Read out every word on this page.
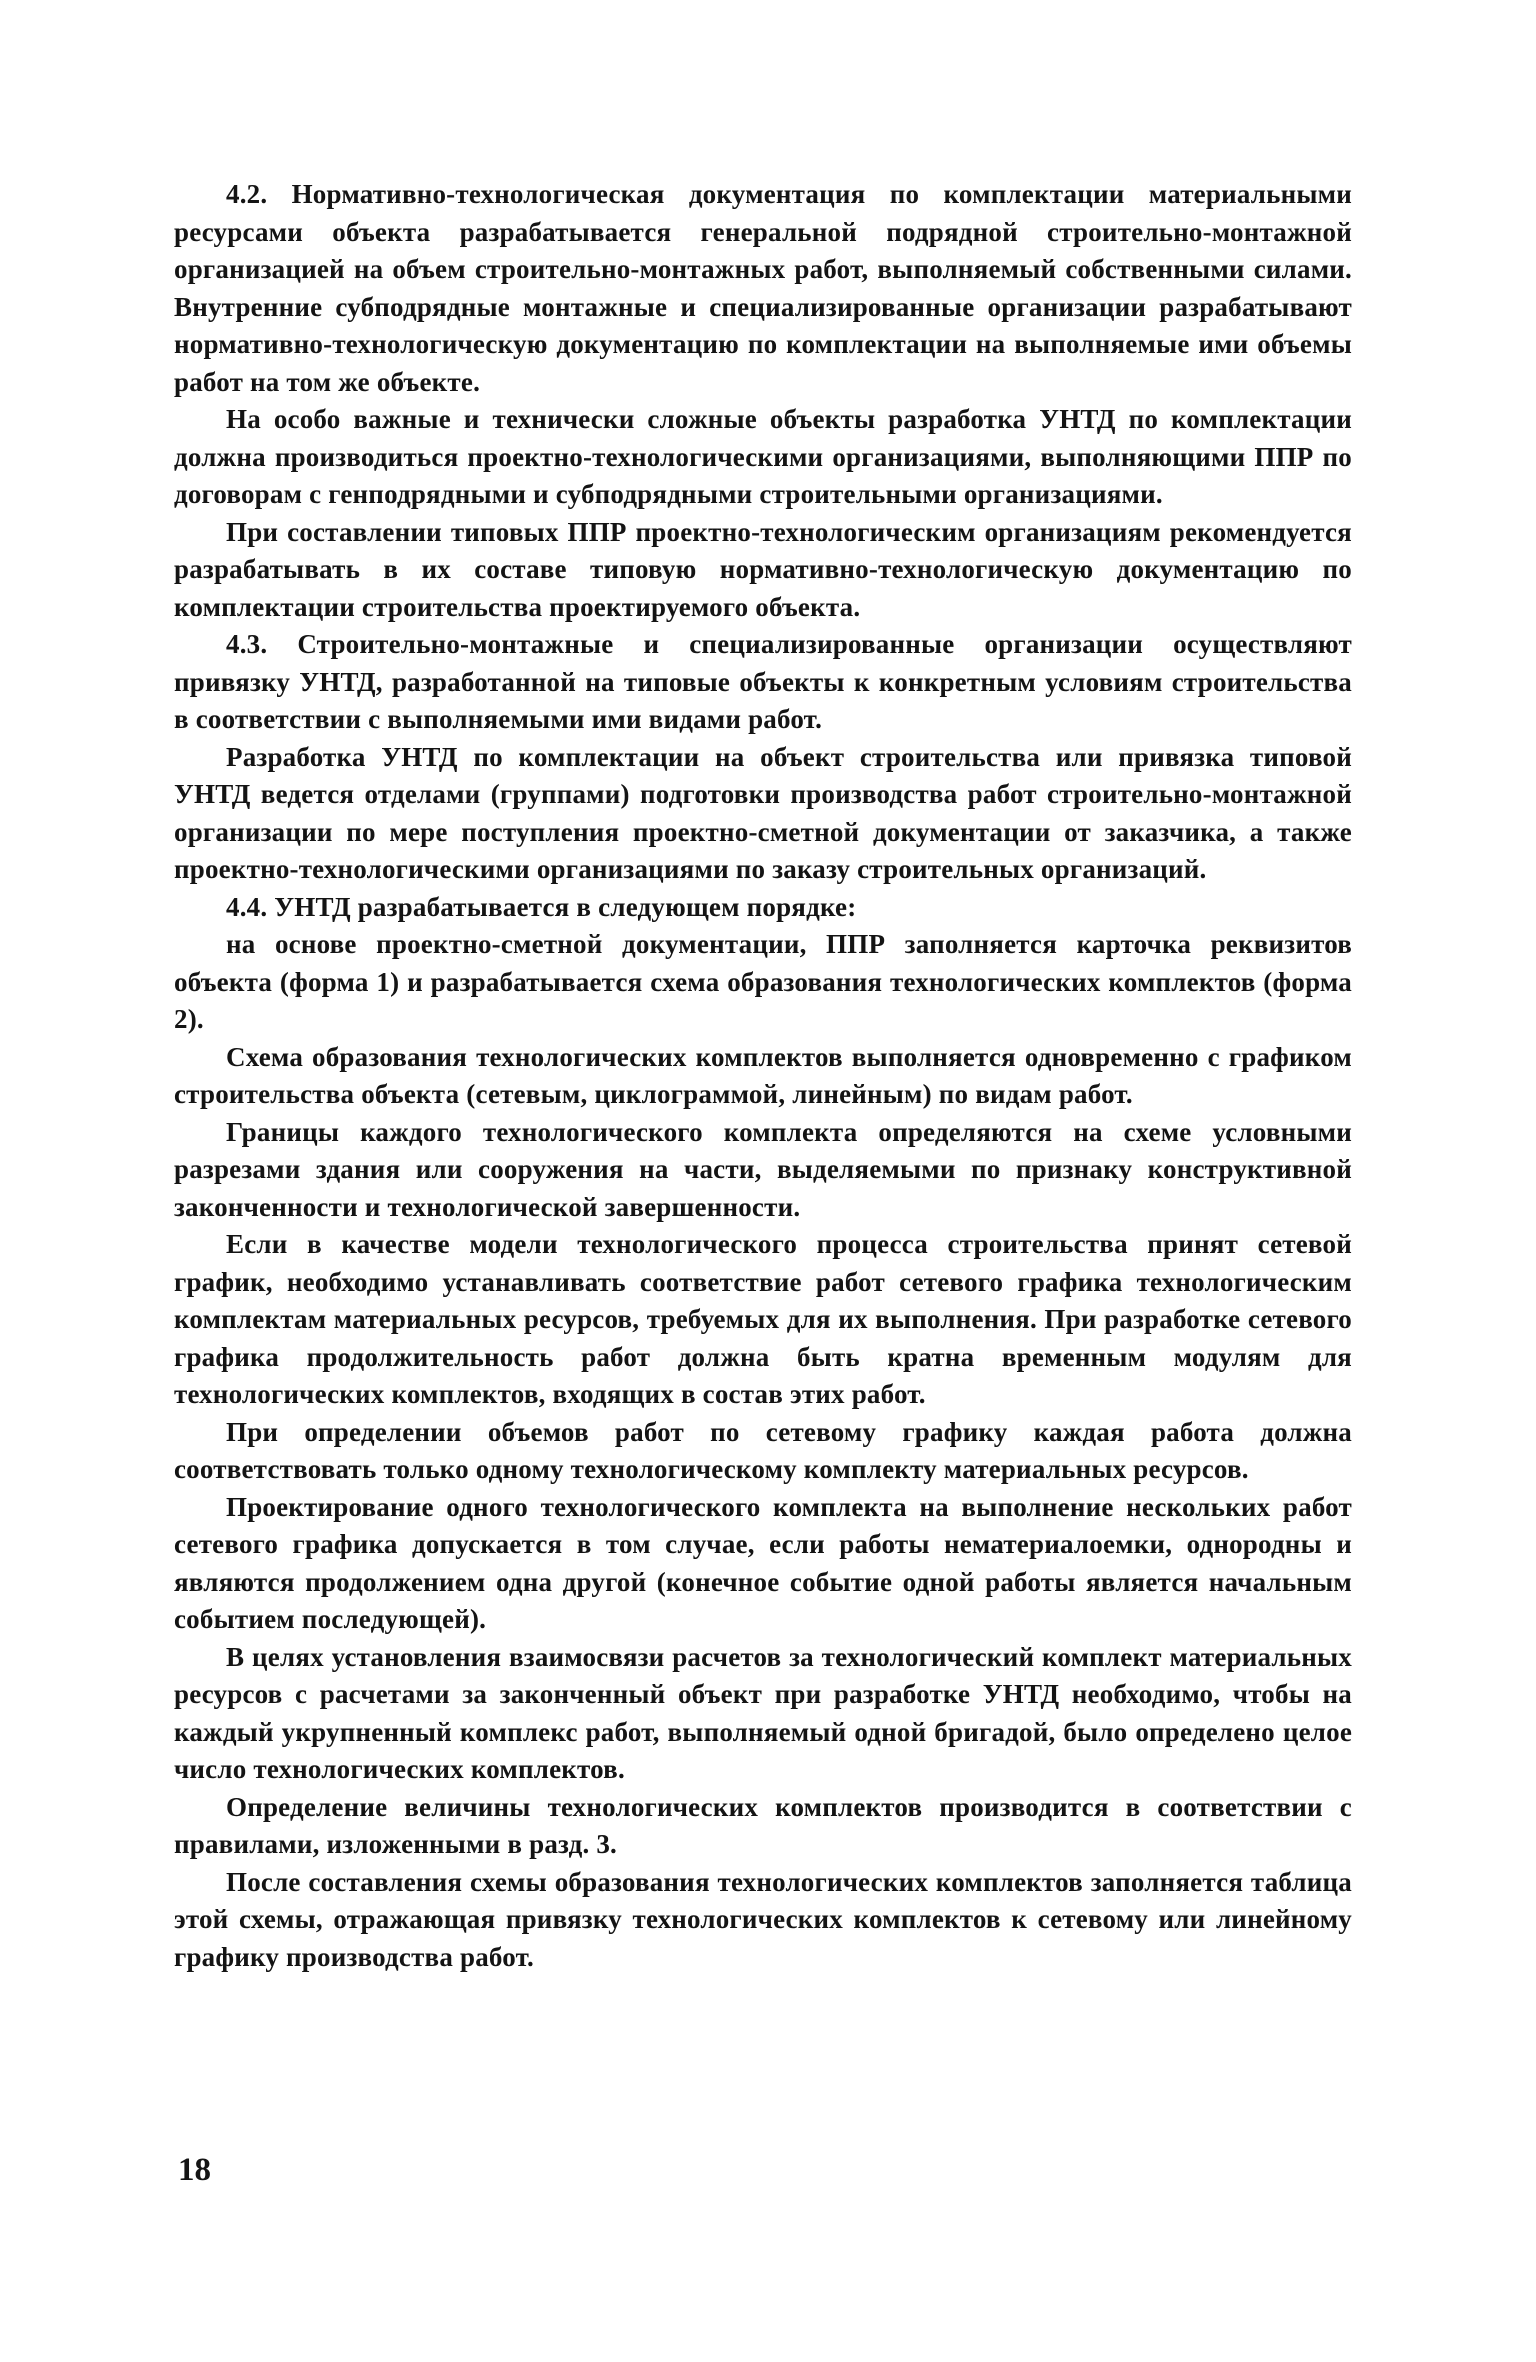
4.2. Нормативно-технологическая документация по комплектации материальными ресурсами объекта разрабатывается генеральной подрядной строительно-монтажной организацией на объем строительно-монтажных работ, выполняемый собственными силами. Внутренние субподрядные монтажные и специализированные организации разрабатывают нормативно-технологическую документацию по комплектации на выполняемые ими объемы работ на том же объекте.

На особо важные и технически сложные объекты разработка УНТД по комплектации должна производиться проектно-технологическими организациями, выполняющими ППР по договорам с генподрядными и субподрядными строительными организациями.

При составлении типовых ППР проектно-технологическим организациям рекомендуется разрабатывать в их составе типовую нормативно-технологическую документацию по комплектации строительства проектируемого объекта.

4.3. Строительно-монтажные и специализированные организации осуществляют привязку УНТД, разработанной на типовые объекты к конкретным условиям строительства в соответствии с выполняемыми ими видами работ.

Разработка УНТД по комплектации на объект строительства или привязка типовой УНТД ведется отделами (группами) подготовки производства работ строительно-монтажной организации по мере поступления проектно-сметной документации от заказчика, а также проектно-технологическими организациями по заказу строительных организаций.

4.4. УНТД разрабатывается в следующем порядке:

на основе проектно-сметной документации, ППР заполняется карточка реквизитов объекта (форма 1) и разрабатывается схема образования технологических комплектов (форма 2).

Схема образования технологических комплектов выполняется одновременно с графиком строительства объекта (сетевым, циклограммой, линейным) по видам работ.

Границы каждого технологического комплекта определяются на схеме условными разрезами здания или сооружения на части, выделяемыми по признаку конструктивной законченности и технологической завершенности.

Если в качестве модели технологического процесса строительства принят сетевой график, необходимо устанавливать соответствие работ сетевого графика технологическим комплектам материальных ресурсов, требуемых для их выполнения. При разработке сетевого графика продолжительность работ должна быть кратна временным модулям для технологических комплектов, входящих в состав этих работ.

При определении объемов работ по сетевому графику каждая работа должна соответствовать только одному технологическому комплекту материальных ресурсов.

Проектирование одного технологического комплекта на выполнение нескольких работ сетевого графика допускается в том случае, если работы нематериалоемки, однородны и являются продолжением одна другой (конечное событие одной работы является начальным событием последующей).

В целях установления взаимосвязи расчетов за технологический комплект материальных ресурсов с расчетами за законченный объект при разработке УНТД необходимо, чтобы на каждый укрупненный комплекс работ, выполняемый одной бригадой, было определено целое число технологических комплектов.

Определение величины технологических комплектов производится в соответствии с правилами, изложенными в разд. 3.

После составления схемы образования технологических комплектов заполняется таблица этой схемы, отражающая привязку технологических комплектов к сетевому или линейному графику производства работ.

18
